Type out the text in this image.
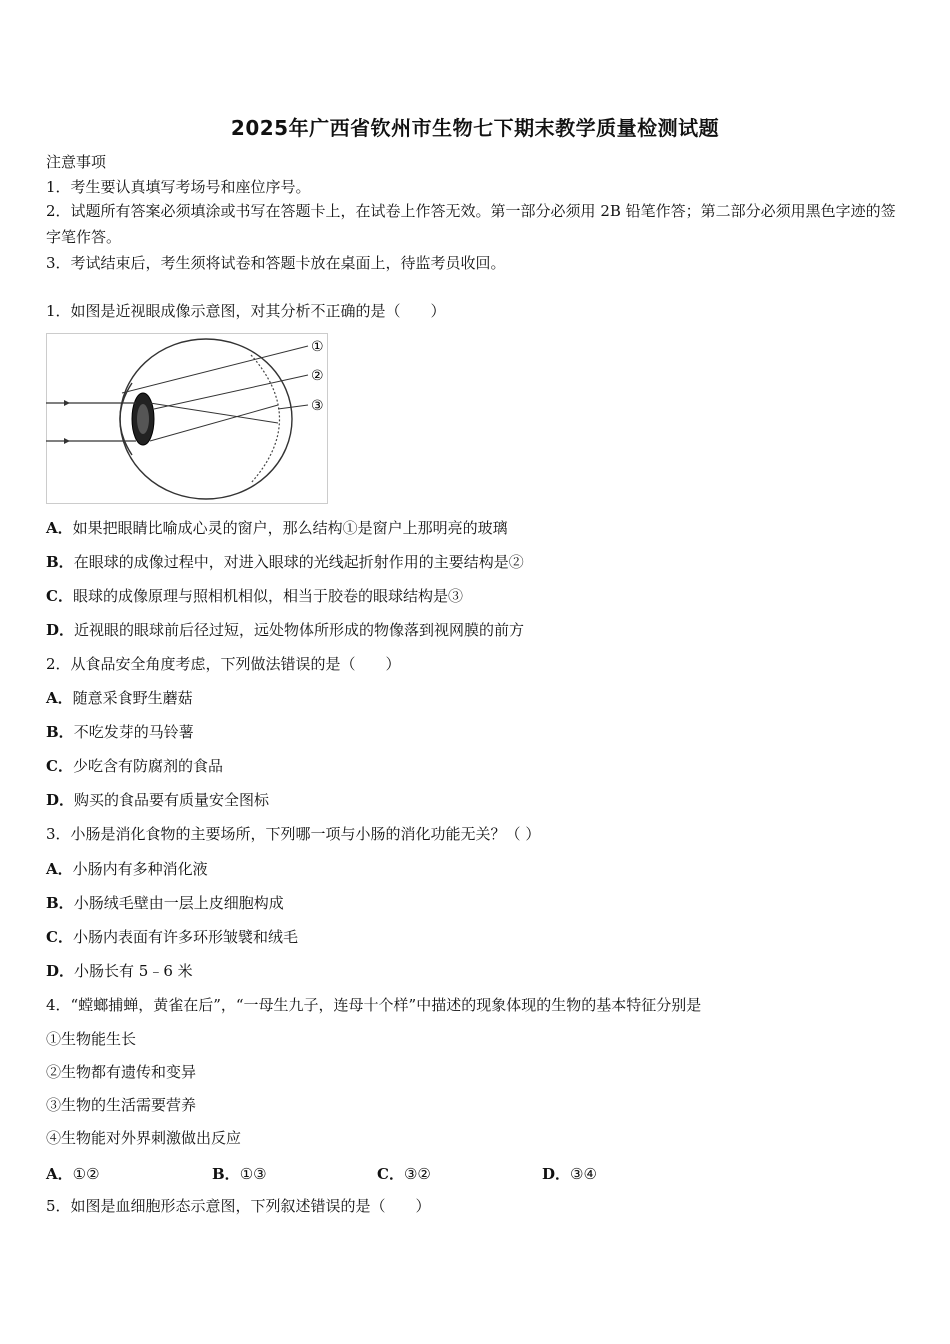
2025年广西省钦州市生物七下期末教学质量检测试题
注意事项
1．考生要认真填写考场号和座位序号。
2．试题所有答案必须填涂或书写在答题卡上，在试卷上作答无效。第一部分必须用 2B 铅笔作答；第二部分必须用黑色字迹的签字笔作答。
3．考试结束后，考生须将试卷和答题卡放在桌面上，待监考员收回。
1．如图是近视眼成像示意图，对其分析不正确的是（　　）
①
②
③
A．如果把眼睛比喻成心灵的窗户，那么结构①是窗户上那明亮的玻璃
B．在眼球的成像过程中，对进入眼球的光线起折射作用的主要结构是②
C．眼球的成像原理与照相机相似，相当于胶卷的眼球结构是③
D．近视眼的眼球前后径过短，远处物体所形成的物像落到视网膜的前方
2．从食品安全角度考虑，下列做法错误的是（　　）
A．随意采食野生蘑菇
B．不吃发芽的马铃薯
C．少吃含有防腐剂的食品
D．购买的食品要有质量安全图标
3．小肠是消化食物的主要场所，下列哪一项与小肠的消化功能无关？（ ）
A．小肠内有多种消化液
B．小肠绒毛壁由一层上皮细胞构成
C．小肠内表面有许多环形皱襞和绒毛
D．小肠长有 5﹣6 米
4．“螳螂捕蝉，黄雀在后”，“一母生九子，连母十个样”中描述的现象体现的生物的基本特征分别是
①生物能生长
②生物都有遗传和变异
③生物的生活需要营养
④生物能对外界刺激做出反应
A．①②	B．①③	C．③②	D．③④
5．如图是血细胞形态示意图，下列叙述错误的是（　　）
